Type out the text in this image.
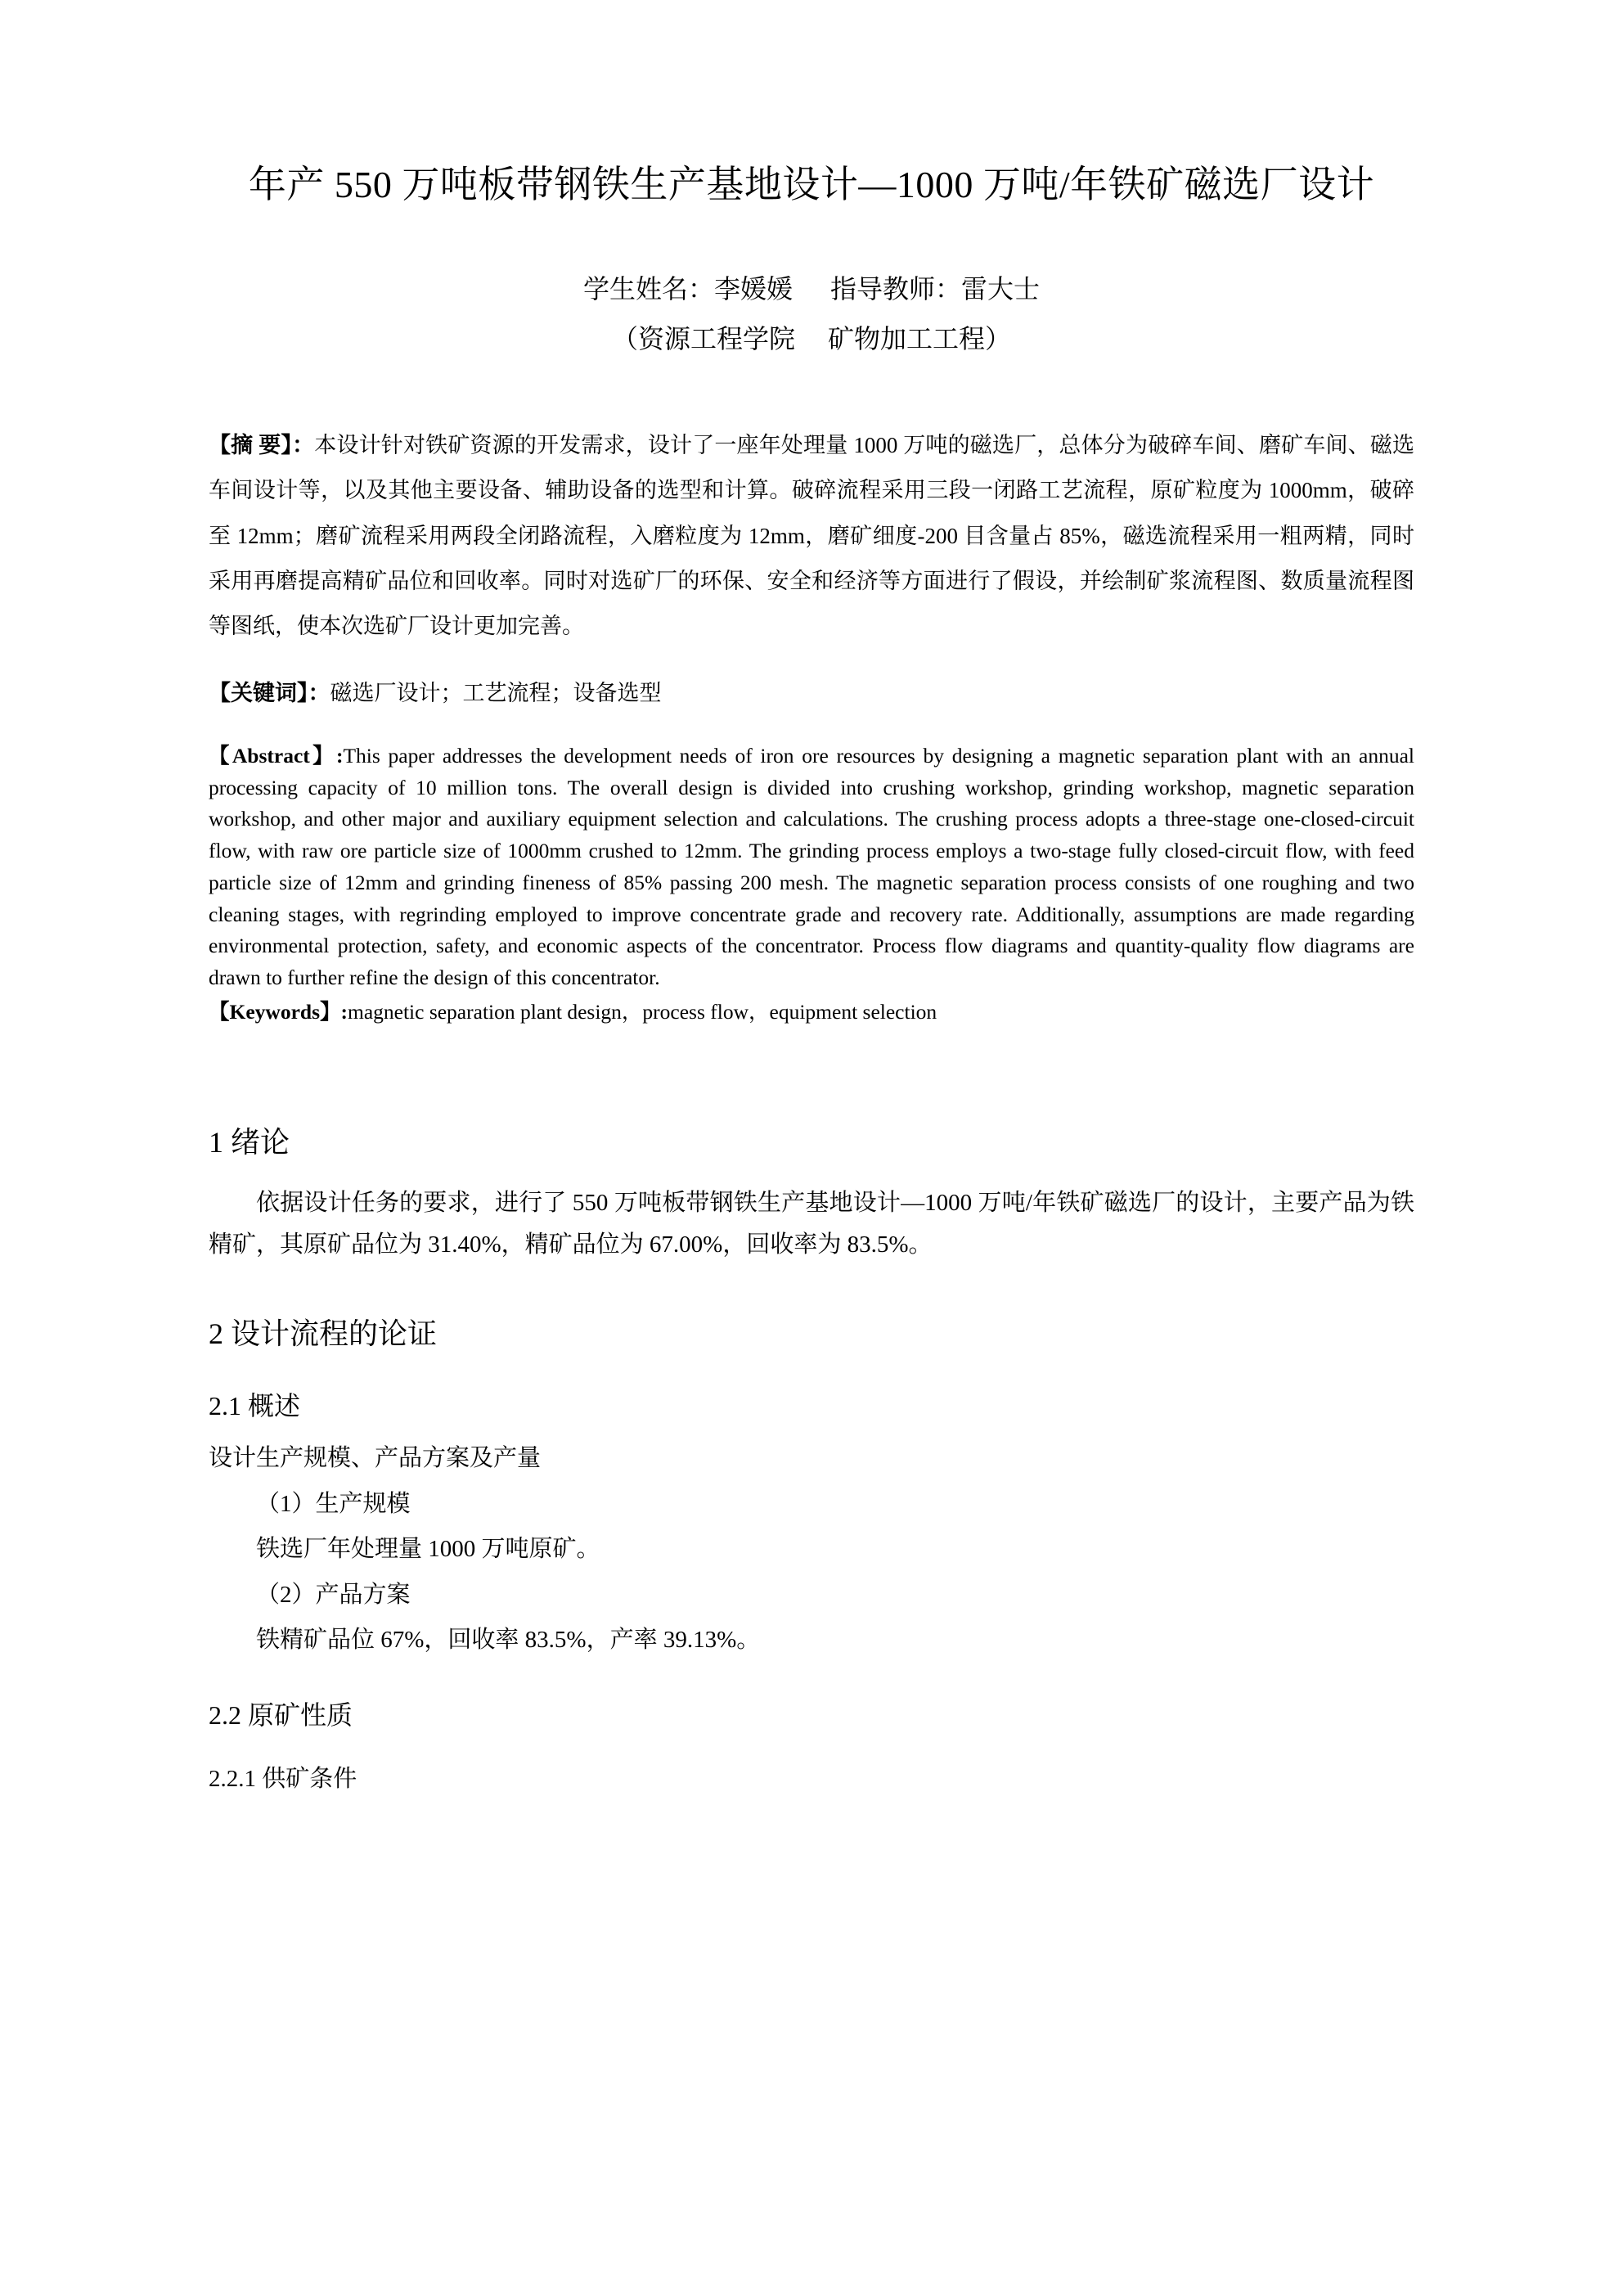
年产 550 万吨板带钢铁生产基地设计—1000 万吨/年铁矿磁选厂设计
学生姓名：李媛媛 指导教师：雷大士
（资源工程学院 　矿物加工工程）

【摘 要】：本设计针对铁矿资源的开发需求，设计了一座年处理量 1000 万吨的磁选厂，总体分为破碎车间、磨矿车间、磁选车间设计等，以及其他主要设备、辅助设备的选型和计算。破碎流程采用三段一闭路工艺流程，原矿粒度为 1000mm，破碎至 12mm；磨矿流程采用两段全闭路流程，入磨粒度为 12mm，磨矿细度-200 目含量占 85%，磁选流程采用一粗两精，同时采用再磨提高精矿品位和回收率。同时对选矿厂的环保、安全和经济等方面进行了假设，并绘制矿浆流程图、数质量流程图等图纸，使本次选矿厂设计更加完善。

【关键词】：磁选厂设计；工艺流程；设备选型

【Abstract】:This paper addresses the development needs of iron ore resources by designing a magnetic separation plant with an annual processing capacity of 10 million tons. The overall design is divided into crushing workshop, grinding workshop, magnetic separation workshop, and other major and auxiliary equipment selection and calculations. The crushing process adopts a three-stage one-closed-circuit flow, with raw ore particle size of 1000mm crushed to 12mm. The grinding process employs a two-stage fully closed-circuit flow, with feed particle size of 12mm and grinding fineness of 85% passing 200 mesh. The magnetic separation process consists of one roughing and two cleaning stages, with regrinding employed to improve concentrate grade and recovery rate. Additionally, assumptions are made regarding environmental protection, safety, and economic aspects of the concentrator. Process flow diagrams and quantity-quality flow diagrams are drawn to further refine the design of this concentrator.

【Keywords】:magnetic separation plant design，process flow，equipment selection

1 绪论

依据设计任务的要求，进行了 550 万吨板带钢铁生产基地设计—1000 万吨/年铁矿磁选厂的设计，主要产品为铁精矿，其原矿品位为 31.40%，精矿品位为 67.00%，回收率为 83.5%。

2 设计流程的论证
2.1 概述

设计生产规模、产品方案及产量

（1）生产规模

铁选厂年处理量 1000 万吨原矿。

（2）产品方案

铁精矿品位 67%，回收率 83.5%，产率 39.13%。

2.2 原矿性质
2.2.1 供矿条件
